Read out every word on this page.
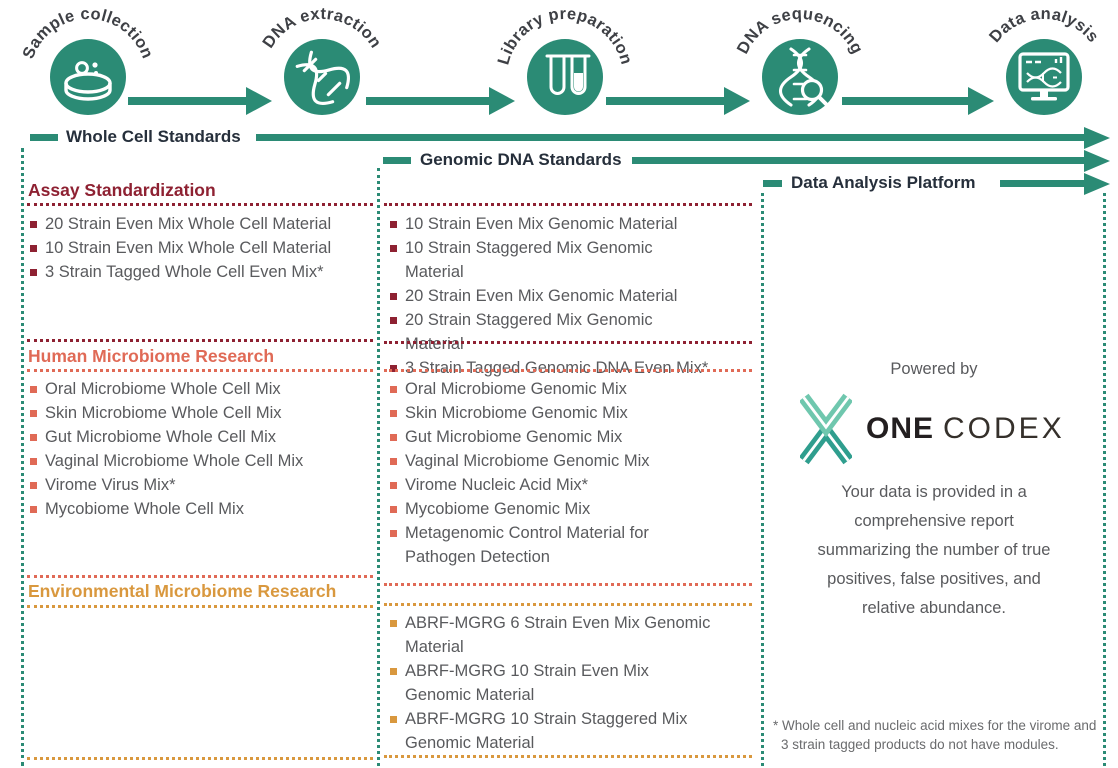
Sample collection
DNA extraction
Library preparation
DNA sequencing
Data analysis
Whole Cell Standards
Genomic DNA Standards
Data Analysis Platform
Assay Standardization
20 Strain Even Mix Whole Cell Material
10 Strain Even Mix Whole Cell Material
3 Strain Tagged Whole Cell Even Mix*
Human Microbiome Research
Oral Microbiome Whole Cell Mix
Skin Microbiome Whole Cell Mix
Gut Microbiome Whole Cell Mix
Vaginal Microbiome Whole Cell Mix
Virome Virus Mix*
Mycobiome Whole Cell Mix
Environmental Microbiome Research
10 Strain Even Mix Genomic Material
10 Strain Staggered Mix Genomic Material
20 Strain Even Mix Genomic Material
20 Strain Staggered Mix Genomic Material
3 Strain Tagged Genomic DNA Even Mix*
Oral Microbiome Genomic Mix
Skin Microbiome Genomic Mix
Gut Microbiome Genomic Mix
Vaginal Microbiome Genomic Mix
Virome Nucleic Acid Mix*
Mycobiome Genomic Mix
Metagenomic Control Material for Pathogen Detection
ABRF-MGRG 6 Strain Even Mix Genomic Material
ABRF-MGRG 10 Strain Even Mix Genomic Material
ABRF-MGRG 10 Strain Staggered Mix Genomic Material
Powered by
ONE CODEX
Your data is provided in a
comprehensive report
summarizing the number of true
positives, false positives, and
relative abundance.
* Whole cell and nucleic acid mixes for the virome and
3 strain tagged products do not have modules.
